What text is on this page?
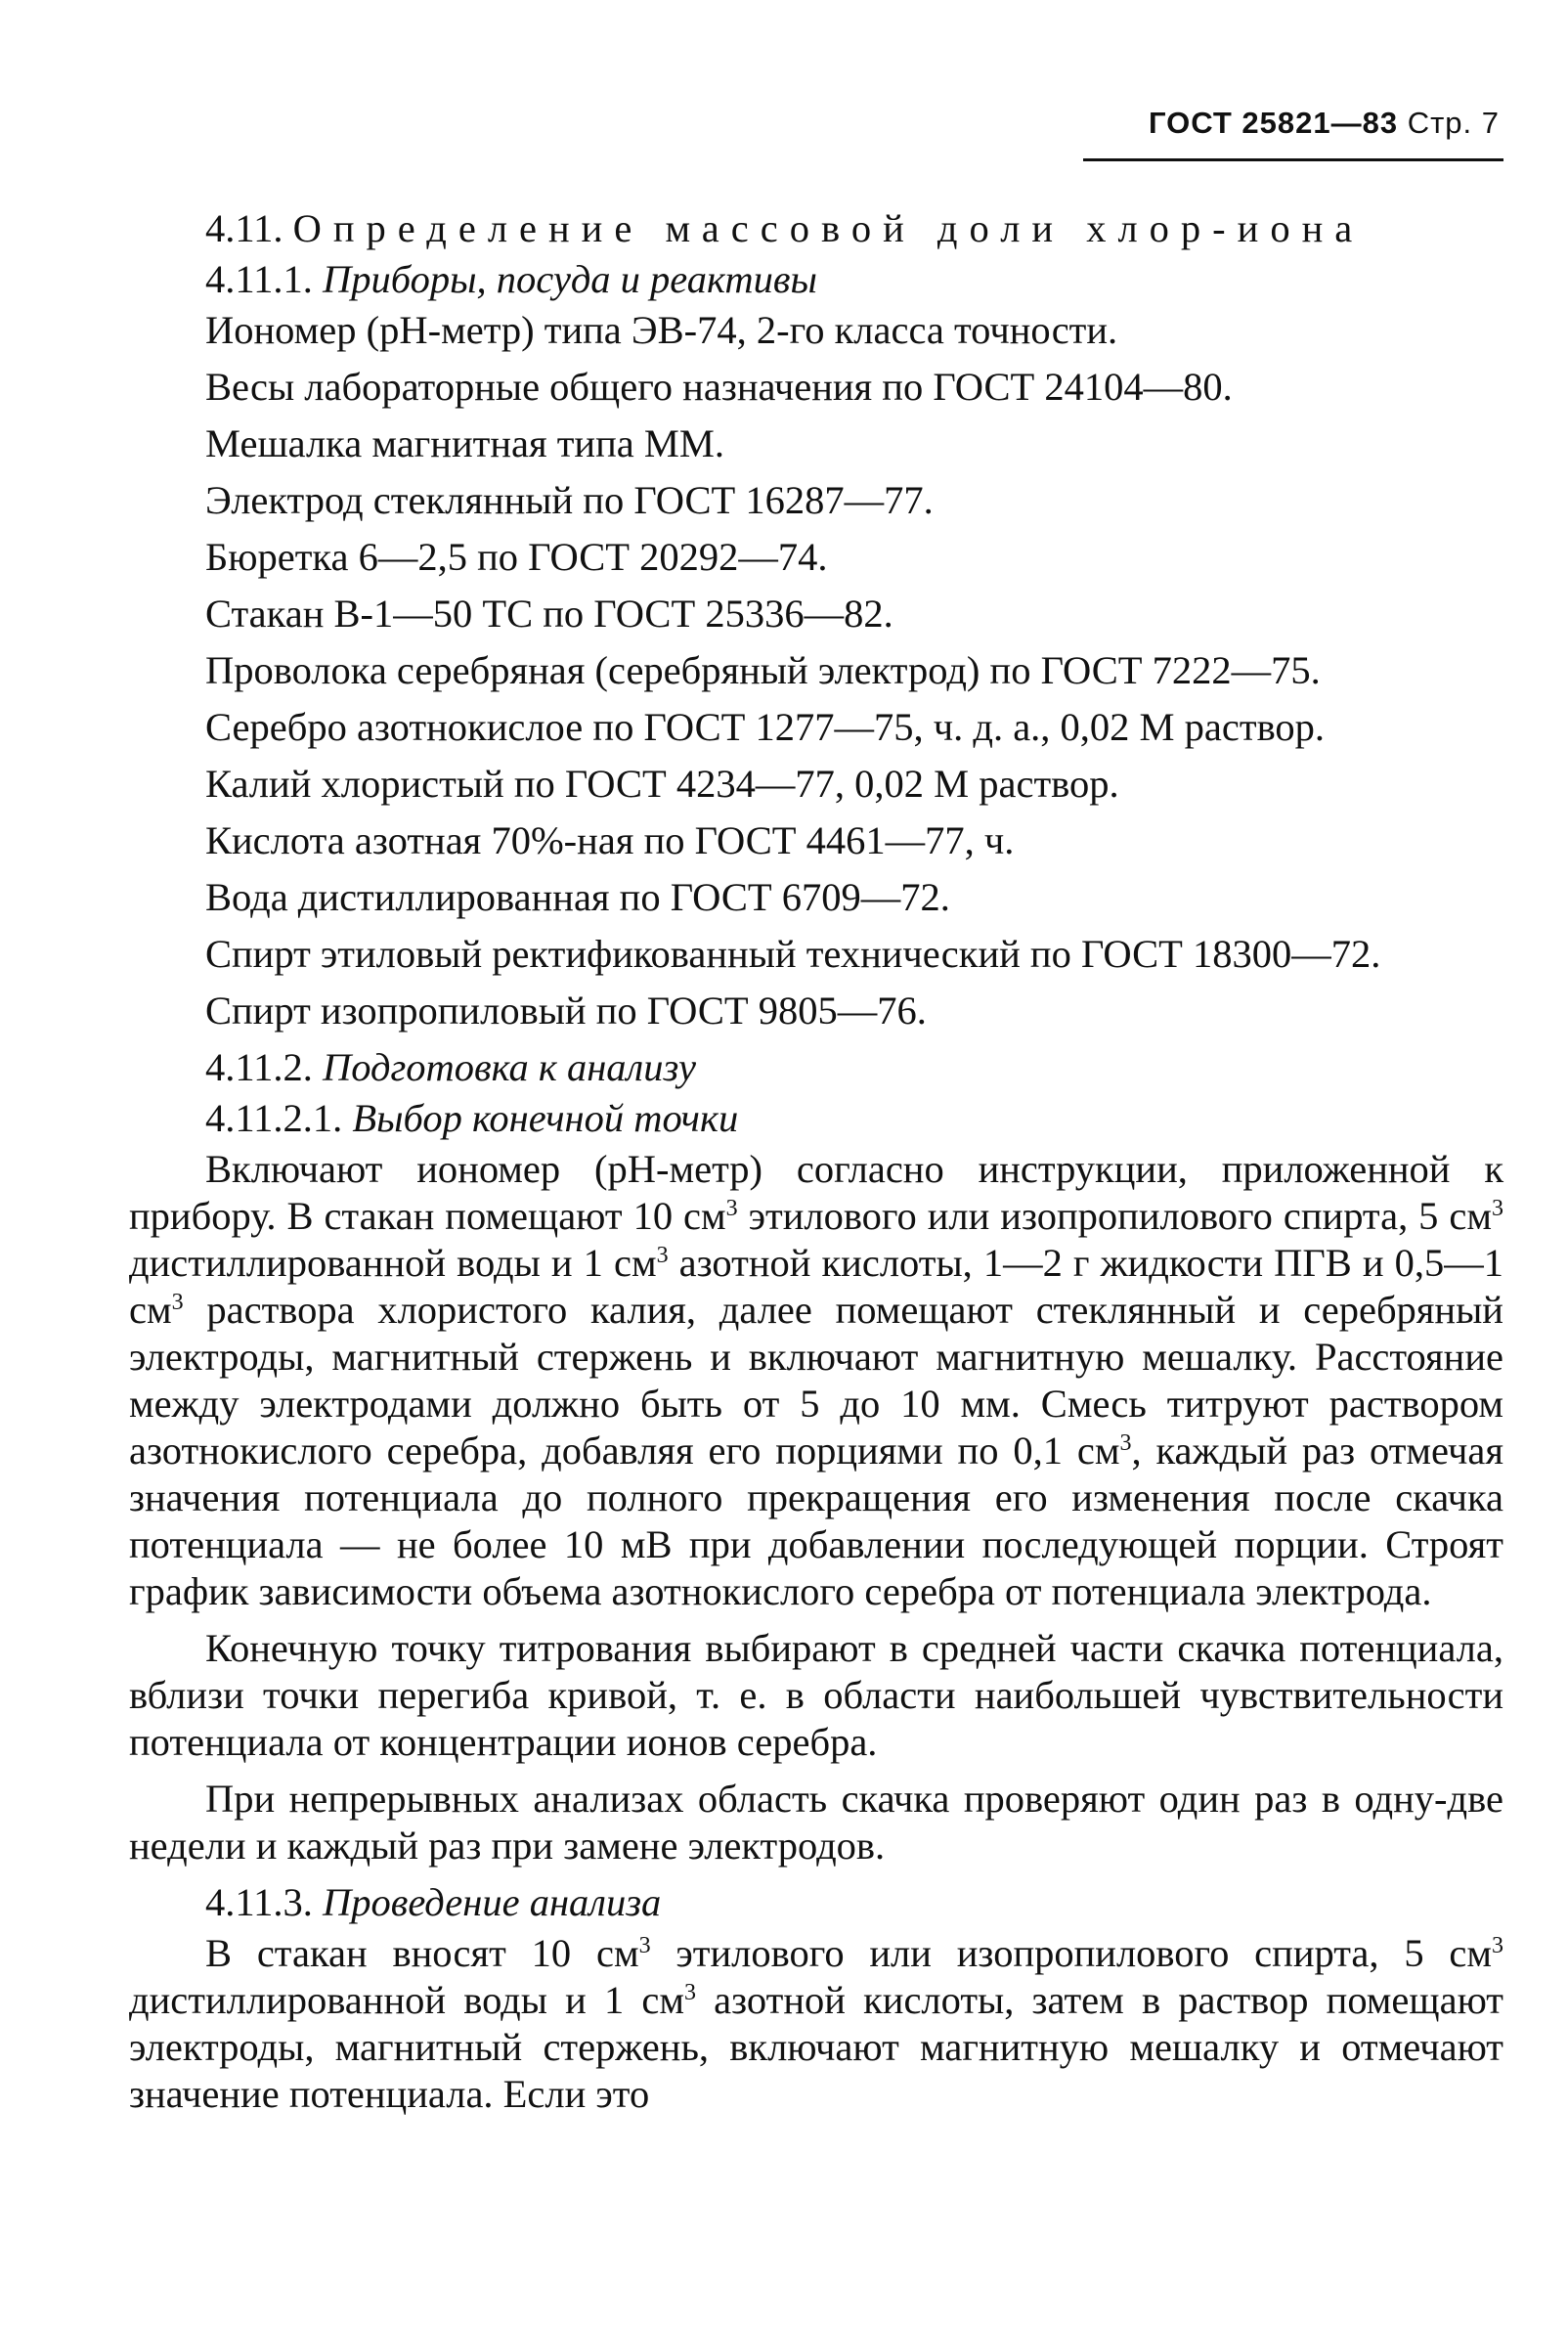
ГОСТ 25821—83 Стр. 7

4.11. Определение массовой доли хлор-иона

4.11.1. Приборы, посуда и реактивы

Иономер (рН-метр) типа ЭВ-74, 2-го класса точности.

Весы лабораторные общего назначения по ГОСТ 24104—80.

Мешалка магнитная типа ММ.

Электрод стеклянный по ГОСТ 16287—77.

Бюретка 6—2,5 по ГОСТ 20292—74.

Стакан В-1—50 ТС по ГОСТ 25336—82.

Проволока серебряная (серебряный электрод) по ГОСТ 7222—75.

Серебро азотнокислое по ГОСТ 1277—75, ч. д. а., 0,02 М раствор.

Калий хлористый по ГОСТ 4234—77, 0,02 М раствор.

Кислота азотная 70%-ная по ГОСТ 4461—77, ч.

Вода дистиллированная по ГОСТ 6709—72.

Спирт этиловый ректификованный технический по ГОСТ 18300—72.

Спирт изопропиловый по ГОСТ 9805—76.

4.11.2. Подготовка к анализу

4.11.2.1. Выбор конечной точки

Включают иономер (рН-метр) согласно инструкции, приложенной к прибору. В стакан помещают 10 $см^3$ этилового или изопропилового спирта, 5 $см^3$ дистиллированной воды и 1 $см^3$ азотной кислоты, 1—2 г жидкости ПГВ и 0,5—1 $см^3$ раствора хлористого калия, далее помещают стеклянный и серебряный электроды, магнитный стержень и включают магнитную мешалку. Расстояние между электродами должно быть от 5 до 10 мм. Смесь титруют раствором азотнокислого серебра, добавляя его порциями по 0,1 $см^3$, каждый раз отмечая значения потенциала до полного прекращения его изменения после скачка потенциала — не более 10 мВ при добавлении последующей порции. Строят график зависимости объема азотнокислого серебра от потенциала электрода.

Конечную точку титрования выбирают в средней части скачка потенциала, вблизи точки перегиба кривой, т. е. в области наибольшей чувствительности потенциала от концентрации ионов серебра.

При непрерывных анализах область скачка проверяют один раз в одну-две недели и каждый раз при замене электродов.

4.11.3. Проведение анализа

В стакан вносят 10 $см^3$ этилового или изопропилового спирта, 5 $см^3$ дистиллированной воды и 1 $см^3$ азотной кислоты, затем в раствор помещают электроды, магнитный стержень, включают магнитную мешалку и отмечают значение потенциала. Если это
